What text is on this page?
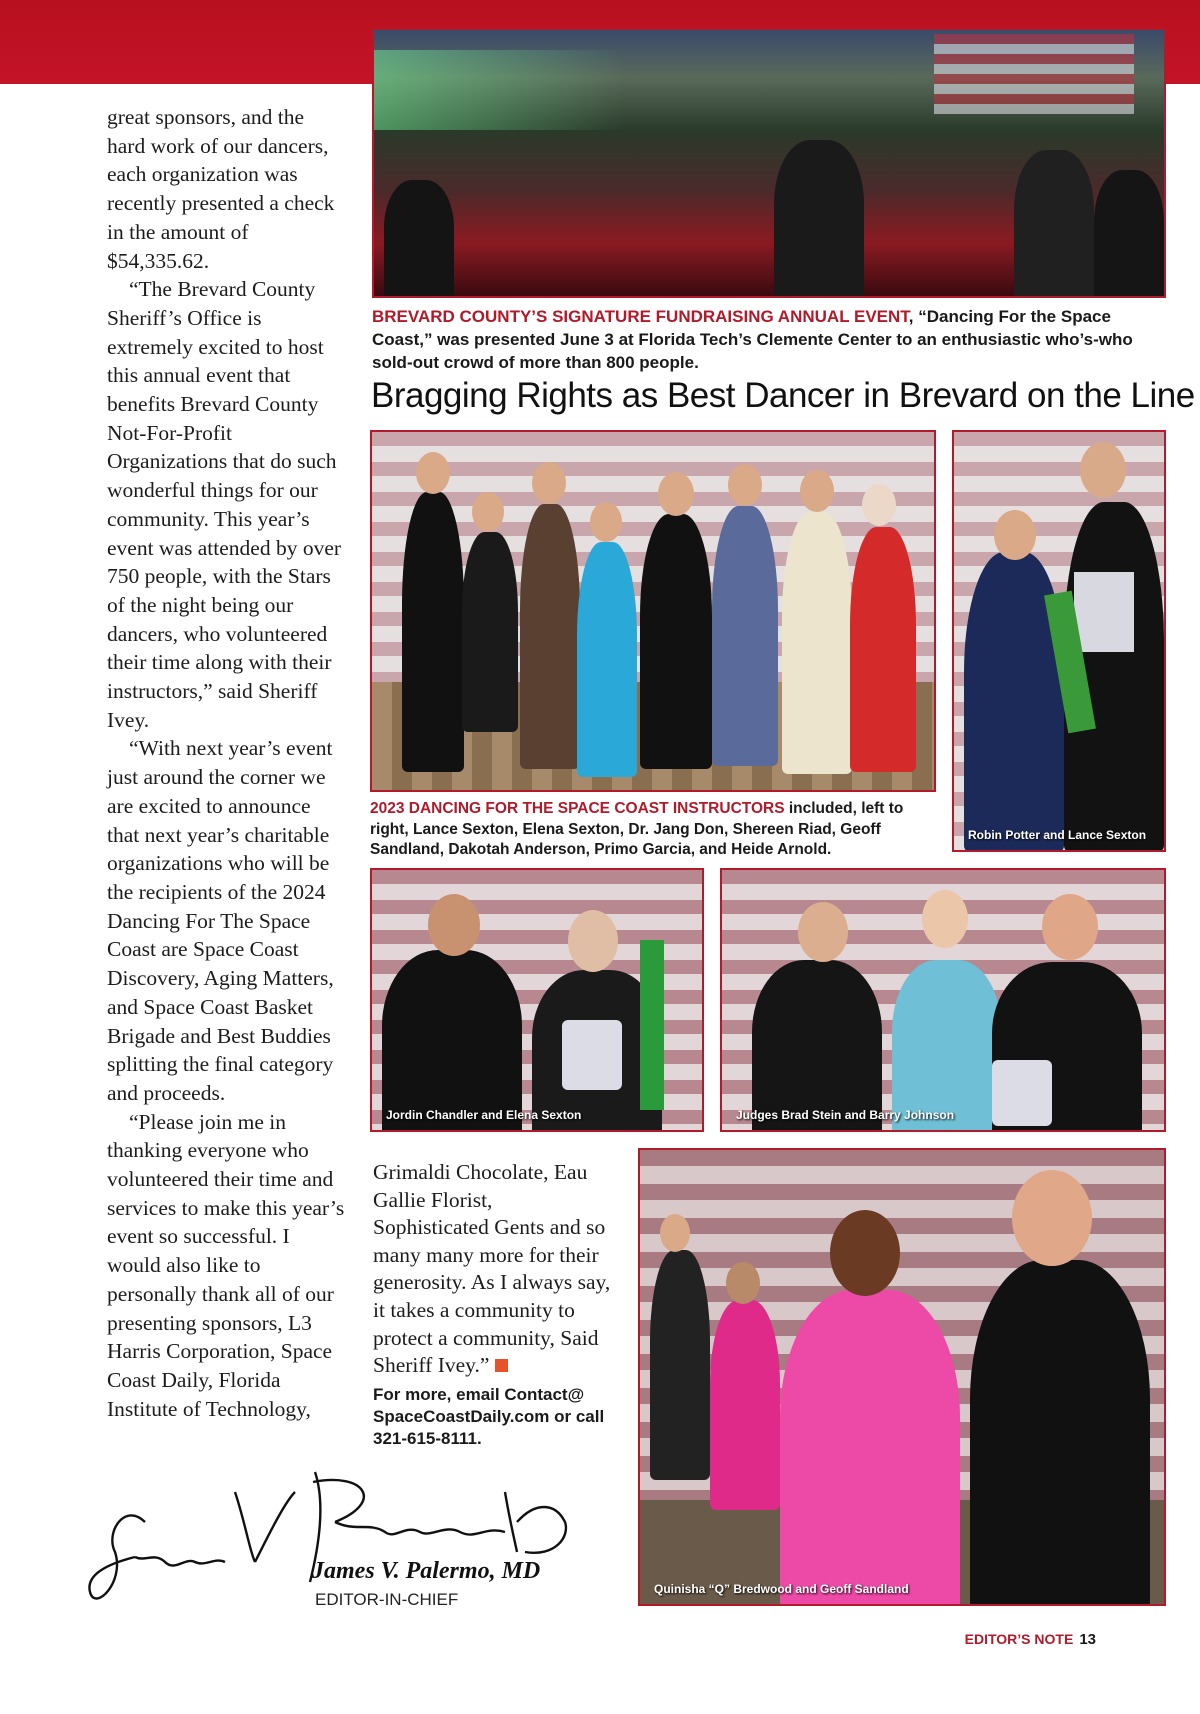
BREVARD COUNTY’S SIGNATURE FUNDRAISING ANNUAL EVENT, “Dancing For the Space Coast,” was presented June 3 at Florida Tech’s Clemente Center to an enthusiastic who’s-who sold-out crowd of more than 800 people.
Bragging Rights as Best Dancer in Brevard on the Line
Robin Potter and Lance Sexton
2023 DANCING FOR THE SPACE COAST INSTRUCTORS included, left to right, Lance Sexton, Elena Sexton, Dr. Jang Don, Shereen Riad, Geoff Sandland, Dakotah Anderson, Primo Garcia, and Heide Arnold.
Jordin Chandler and Elena Sexton	Judges Brad Stein and Barry Johnson
Quinisha “Q” Bredwood and Geoff Sandland

great sponsors, and the hard work of our dancers, each organization was recently presented a check in the amount of $54,335.62.

“The Brevard County Sheriff’s Office is extremely excited to host this annual event that benefits Brevard County Not-For-Profit Organizations that do such wonderful things for our community. This year’s event was attended by over 750 people, with the Stars of the night being our dancers, who volunteered their time along with their instructors,” said Sheriff Ivey.

“With next year’s event just around the corner we are excited to announce that next year’s charitable organizations who will be the recipients of the 2024 Dancing For The Space Coast are Space Coast Discovery, Aging Matters, and Space Coast Basket Brigade and Best Buddies splitting the final category and proceeds.

“Please join me in thanking everyone who volunteered their time and services to make this year’s event so successful. I would also like to personally thank all of our presenting sponsors, L3 Harris Corporation, Space Coast Daily, Florida Institute of Technology,

Grimaldi Chocolate, Eau Gallie Florist, Sophisticated Gents and so many many more for their generosity. As I always say, it takes a community to protect a community, Said Sheriff Ivey.”

For more, email Contact@ SpaceCoastDaily.com or call 321-615-8111.
James V. Palermo, MD
EDITOR-IN-CHIEF
EDITOR’S NOTE 13
